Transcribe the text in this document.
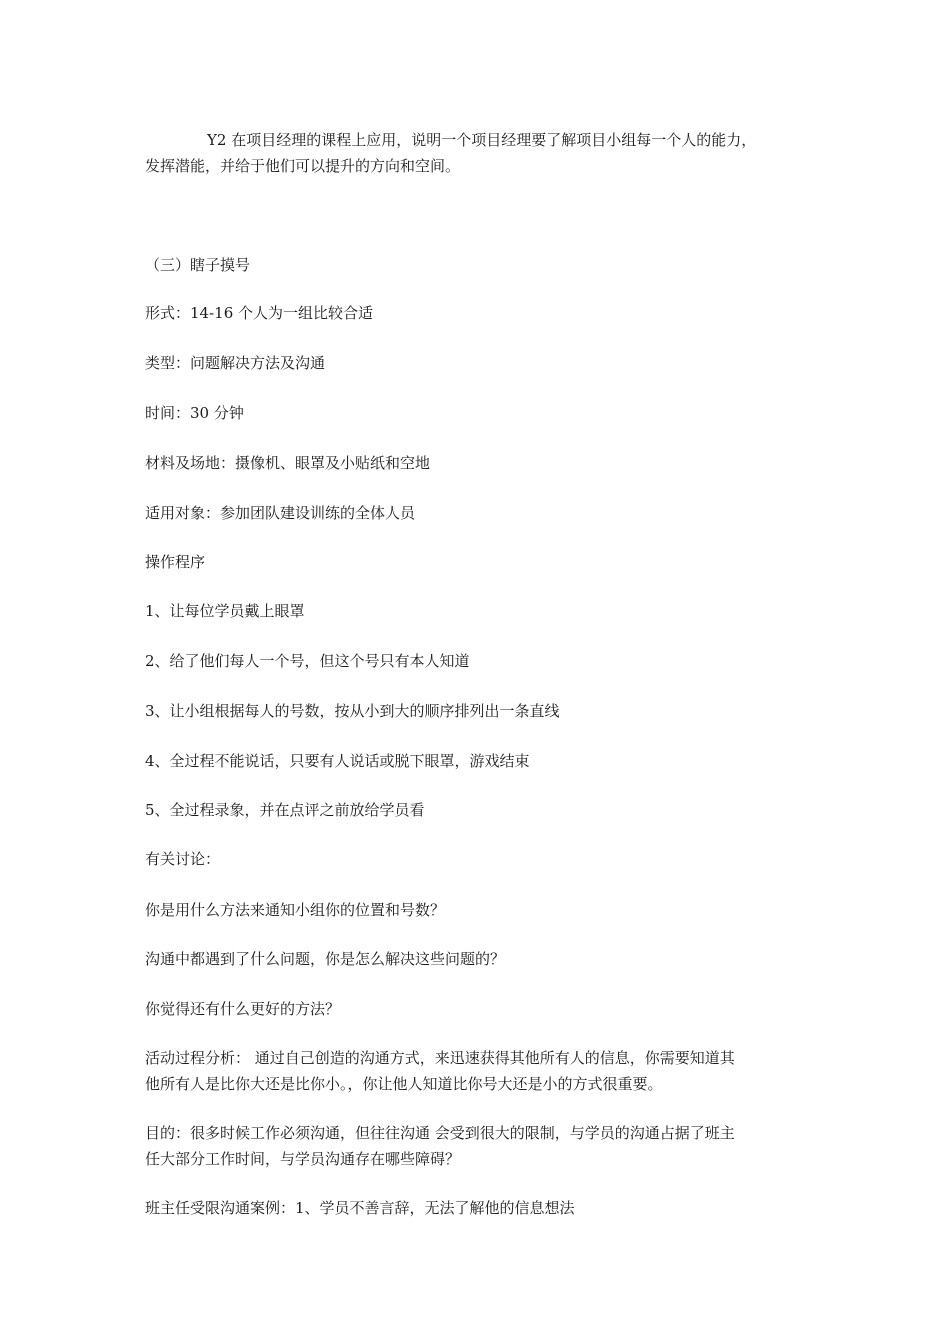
Y2 在项目经理的课程上应用，说明一个项目经理要了解项目小组每一个人的能力，
发挥潜能，并给于他们可以提升的方向和空间。

（三）瞎子摸号

形式：14-16 个人为一组比较合适

类型：问题解决方法及沟通

时间：30 分钟

材料及场地：摄像机、眼罩及小贴纸和空地

适用对象：参加团队建设训练的全体人员

操作程序

1、让每位学员戴上眼罩

2、给了他们每人一个号，但这个号只有本人知道

3、让小组根据每人的号数，按从小到大的顺序排列出一条直线

4、全过程不能说话，只要有人说话或脱下眼罩，游戏结束

5、全过程录象，并在点评之前放给学员看

有关讨论：

你是用什么方法来通知小组你的位置和号数？

沟通中都遇到了什么问题，你是怎么解决这些问题的？

你觉得还有什么更好的方法？

活动过程分析： 通过自己创造的沟通方式，来迅速获得其他所有人的信息，你需要知道其
他所有人是比你大还是比你小。，你让他人知道比你号大还是小的方式很重要。

目的：很多时候工作必须沟通，但往往沟通 会受到很大的限制，与学员的沟通占据了班主
任大部分工作时间，与学员沟通存在哪些障碍？

班主任受限沟通案例：1、学员不善言辞，无法了解他的信息想法
